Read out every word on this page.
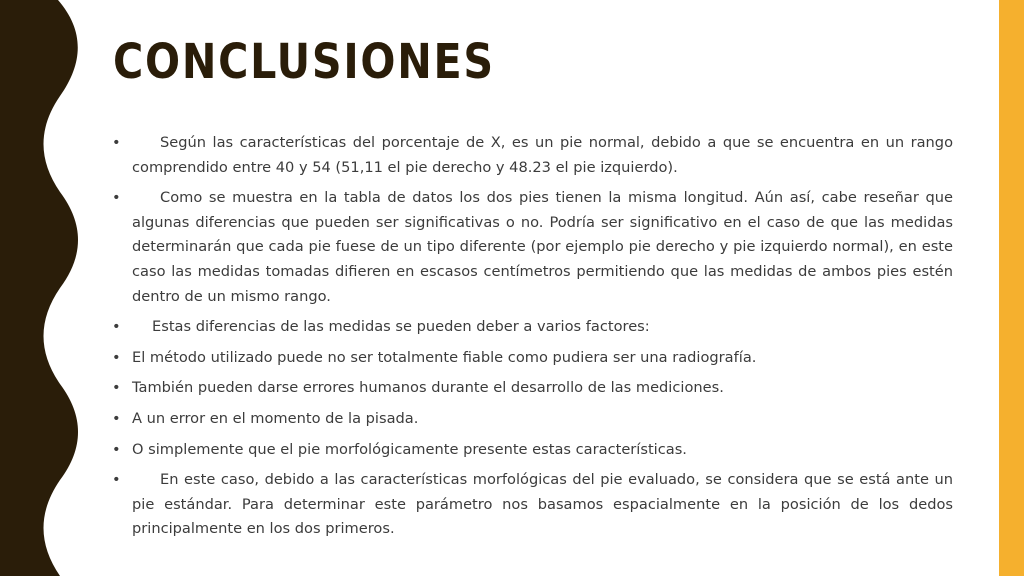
CONCLUSIONES
•	Según las características del porcentaje de X, es un pie normal, debido a que se encuentra en un rango comprendido entre 40 y 54 (51,11 el pie derecho y 48.23 el pie izquierdo).
•	Como se muestra en la tabla de datos los dos pies tienen la misma longitud. Aún así, cabe reseñar que algunas diferencias que pueden ser significativas o no. Podría ser significativo en el caso de que las medidas determinarán que cada pie fuese de un tipo diferente (por ejemplo pie derecho y pie izquierdo normal), en este caso las medidas tomadas difieren en escasos centímetros permitiendo que las medidas de ambos pies estén dentro de un mismo rango.
• Estas diferencias de las medidas se pueden deber a varios factores:
• El método utilizado puede no ser totalmente fiable como pudiera ser una radiografía.
• También pueden darse errores humanos durante el desarrollo de las mediciones.
• A un error en el momento de la pisada.
• O simplemente que el pie morfológicamente presente estas características.
•	En este caso, debido a las características morfológicas del pie evaluado, se considera que se está ante un pie estándar. Para determinar este parámetro nos basamos espacialmente en la posición de los dedos principalmente en los dos primeros.
